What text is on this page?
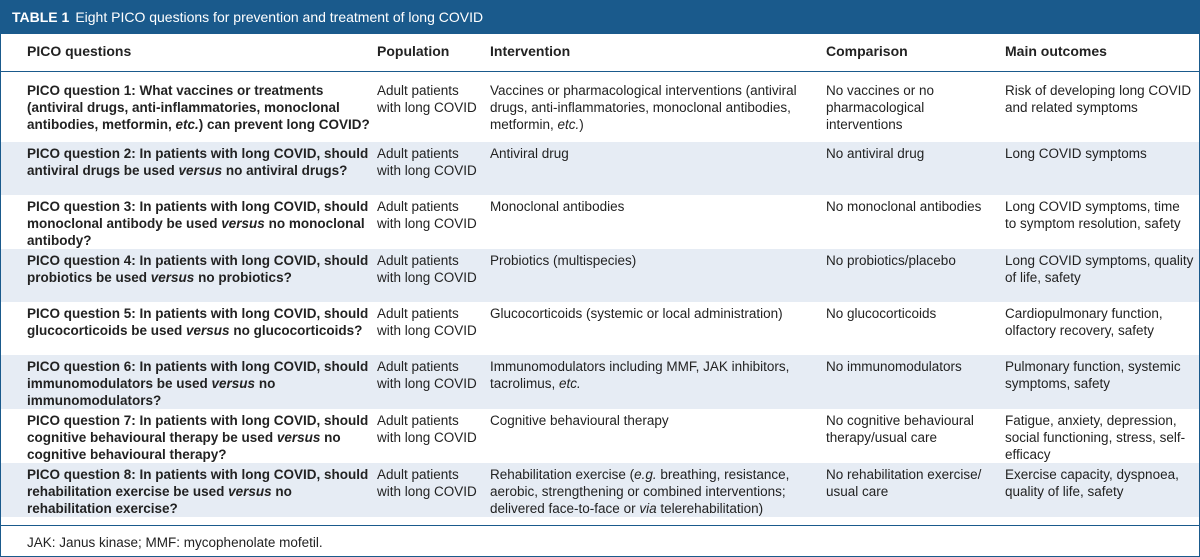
TABLE 1 Eight PICO questions for prevention and treatment of long COVID
PICO questions	Population	Intervention	Comparison	Main outcomes
PICO question 1: What vaccines or treatments (antiviral drugs, anti-inflammatories, monoclonal antibodies, metformin, etc.) can prevent long COVID?	Adult patients with long COVID	Vaccines or pharmacological interventions (antiviral drugs, anti-inflammatories, monoclonal antibodies, metformin, etc.)	No vaccines or no pharmacological interventions	Risk of developing long COVID and related symptoms
PICO question 2: In patients with long COVID, should antiviral drugs be used versus no antiviral drugs?	Adult patients with long COVID	Antiviral drug	No antiviral drug	Long COVID symptoms
PICO question 3: In patients with long COVID, should monoclonal antibody be used versus no monoclonal antibody?	Adult patients with long COVID	Monoclonal antibodies	No monoclonal antibodies	Long COVID symptoms, time to symptom resolution, safety
PICO question 4: In patients with long COVID, should probiotics be used versus no probiotics?	Adult patients with long COVID	Probiotics (multispecies)	No probiotics/placebo	Long COVID symptoms, quality of life, safety
PICO question 5: In patients with long COVID, should glucocorticoids be used versus no glucocorticoids?	Adult patients with long COVID	Glucocorticoids (systemic or local administration)	No glucocorticoids	Cardiopulmonary function, olfactory recovery, safety
PICO question 6: In patients with long COVID, should immunomodulators be used versus no immunomodulators?	Adult patients with long COVID	Immunomodulators including MMF, JAK inhibitors, tacrolimus, etc.	No immunomodulators	Pulmonary function, systemic symptoms, safety
PICO question 7: In patients with long COVID, should cognitive behavioural therapy be used versus no cognitive behavioural therapy?	Adult patients with long COVID	Cognitive behavioural therapy	No cognitive behavioural therapy/usual care	Fatigue, anxiety, depression, social functioning, stress, self-efficacy
PICO question 8: In patients with long COVID, should rehabilitation exercise be used versus no rehabilitation exercise?	Adult patients with long COVID	Rehabilitation exercise (e.g. breathing, resistance, aerobic, strengthening or combined interventions; delivered face-to-face or via telerehabilitation)	No rehabilitation exercise/ usual care	Exercise capacity, dyspnoea, quality of life, safety
JAK: Janus kinase; MMF: mycophenolate mofetil.
